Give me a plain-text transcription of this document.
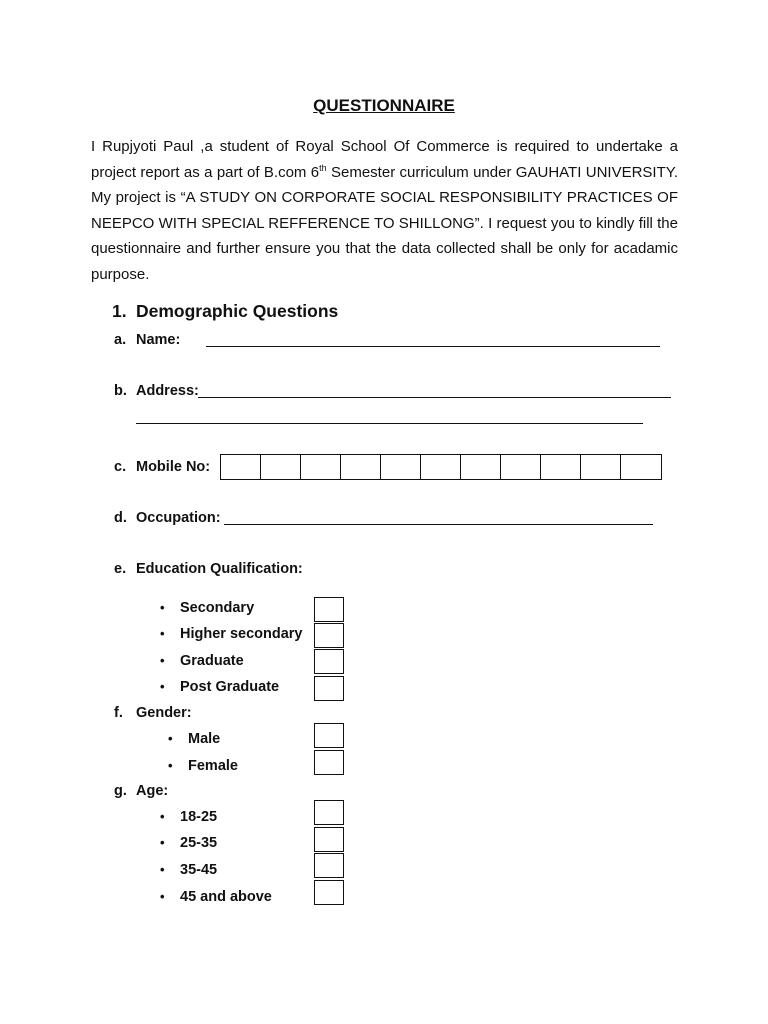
QUESTIONNAIRE
I Rupjyoti Paul ,a student of Royal School Of Commerce is required to undertake a project report as a part of B.com 6th Semester curriculum under GAUHATI UNIVERSITY. My project is “A STUDY ON CORPORATE SOCIAL RESPONSIBILITY PRACTICES OF NEEPCO WITH SPECIAL REFFERENCE TO SHILLONG”. I request you to kindly fill the questionnaire and further ensure you that the data collected shall be only for acadamic purpose.
1. Demographic Questions
a. Name:
b. Address:
c. Mobile No:
d. Occupation:
e. Education Qualification:
• Secondary
• Higher secondary
• Graduate
• Post Graduate
f. Gender:
• Male
• Female
g. Age:
• 18-25
• 25-35
• 35-45
• 45 and above
